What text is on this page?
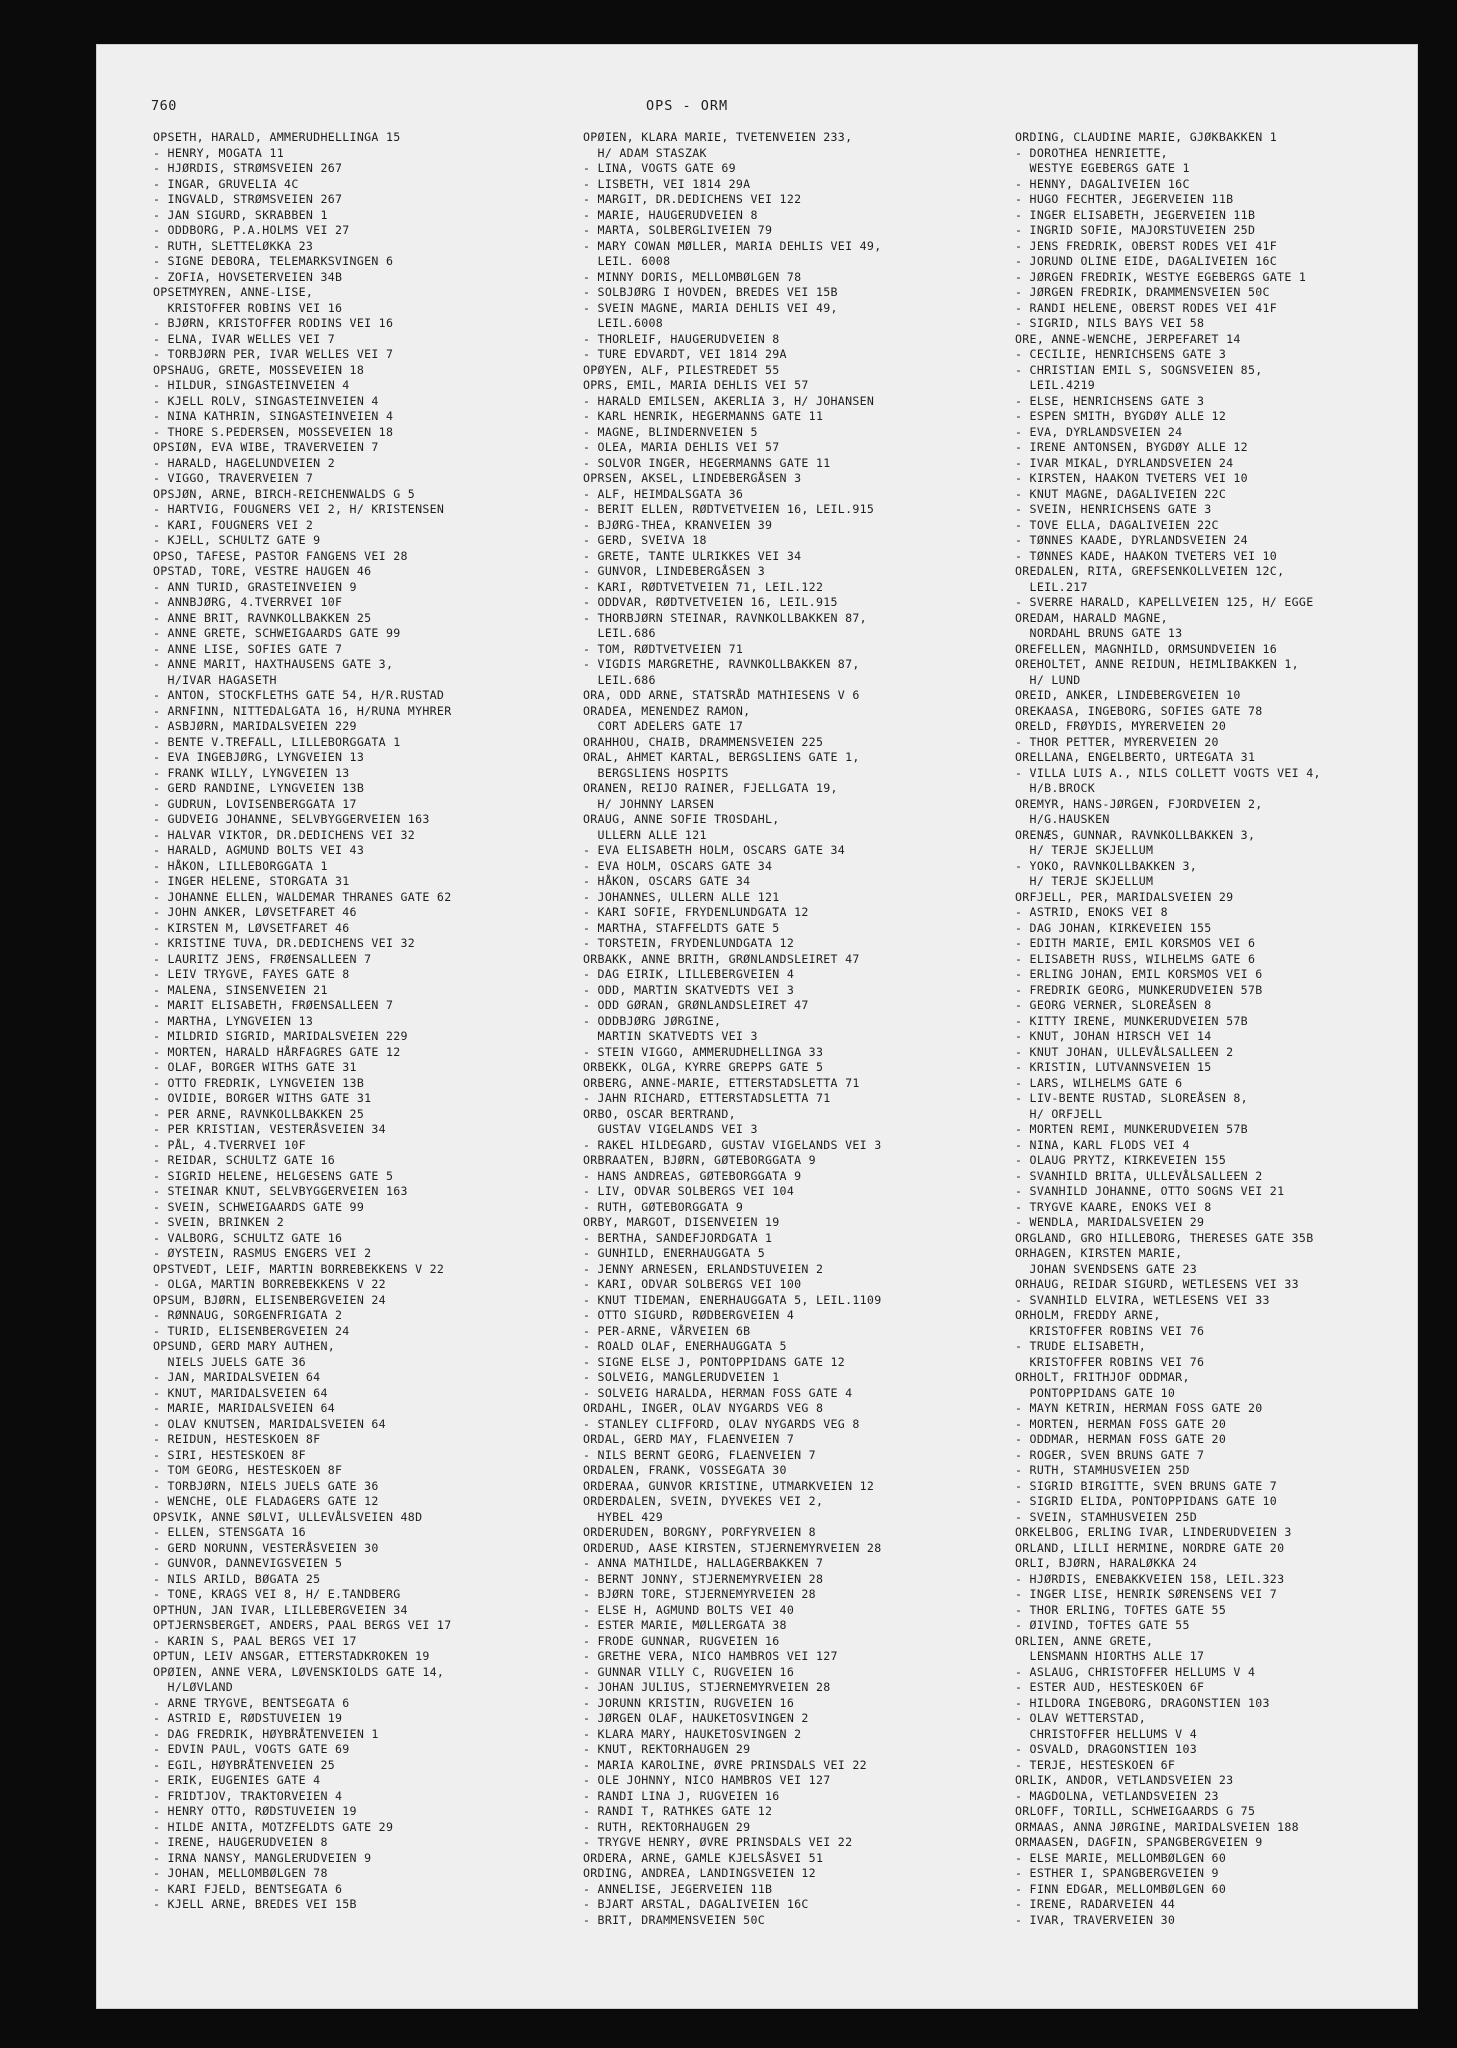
760	OPS - ORM
OPSETH, HARALD, AMMERUDHELLINGA 15
- HENRY, MOGATA 11
- HJØRDIS, STRØMSVEIEN 267
- INGAR, GRUVELIA 4C
- INGVALD, STRØMSVEIEN 267
- JAN SIGURD, SKRABBEN 1
- ODDBORG, P.A.HOLMS VEI 27
- RUTH, SLETTELØKKA 23
- SIGNE DEBORA, TELEMARKSVINGEN 6
- ZOFIA, HOVSETERVEIEN 34B
OPSETMYREN, ANNE-LISE,
KRISTOFFER ROBINS VEI 16
- BJØRN, KRISTOFFER RODINS VEI 16
- ELNA, IVAR WELLES VEI 7
- TORBJØRN PER, IVAR WELLES VEI 7
OPSHAUG, GRETE, MOSSEVEIEN 18
- HILDUR, SINGASTEINVEIEN 4
- KJELL ROLV, SINGASTEINVEIEN 4
- NINA KATHRIN, SINGASTEINVEIEN 4
- THORE S.PEDERSEN, MOSSEVEIEN 18
OPSIØN, EVA WIBE, TRAVERVEIEN 7
- HARALD, HAGELUNDVEIEN 2
- VIGGO, TRAVERVEIEN 7
OPSJØN, ARNE, BIRCH-REICHENWALDS G 5
- HARTVIG, FOUGNERS VEI 2, H/ KRISTENSEN
- KARI, FOUGNERS VEI 2
- KJELL, SCHULTZ GATE 9
OPSO, TAFESE, PASTOR FANGENS VEI 28
OPSTAD, TORE, VESTRE HAUGEN 46
- ANN TURID, GRASTEINVEIEN 9
- ANNBJØRG, 4.TVERRVEI 10F
- ANNE BRIT, RAVNKOLLBAKKEN 25
- ANNE GRETE, SCHWEIGAARDS GATE 99
- ANNE LISE, SOFIES GATE 7
- ANNE MARIT, HAXTHAUSENS GATE 3,
H/IVAR HAGASETH
- ANTON, STOCKFLETHS GATE 54, H/R.RUSTAD
- ARNFINN, NITTEDALGATA 16, H/RUNA MYHRER
- ASBJØRN, MARIDALSVEIEN 229
- BENTE V.TREFALL, LILLEBORGGATA 1
- EVA INGEBJØRG, LYNGVEIEN 13
- FRANK WILLY, LYNGVEIEN 13
- GERD RANDINE, LYNGVEIEN 13B
- GUDRUN, LOVISENBERGGATA 17
- GUDVEIG JOHANNE, SELVBYGGERVEIEN 163
- HALVAR VIKTOR, DR.DEDICHENS VEI 32
- HARALD, AGMUND BOLTS VEI 43
- HÅKON, LILLEBORGGATA 1
- INGER HELENE, STORGATA 31
- JOHANNE ELLEN, WALDEMAR THRANES GATE 62
- JOHN ANKER, LØVSETFARET 46
- KIRSTEN M, LØVSETFARET 46
- KRISTINE TUVA, DR.DEDICHENS VEI 32
- LAURITZ JENS, FRØENSALLEEN 7
- LEIV TRYGVE, FAYES GATE 8
- MALENA, SINSENVEIEN 21
- MARIT ELISABETH, FRØENSALLEEN 7
- MARTHA, LYNGVEIEN 13
- MILDRID SIGRID, MARIDALSVEIEN 229
- MORTEN, HARALD HÅRFAGRES GATE 12
- OLAF, BORGER WITHS GATE 31
- OTTO FREDRIK, LYNGVEIEN 13B
- OVIDIE, BORGER WITHS GATE 31
- PER ARNE, RAVNKOLLBAKKEN 25
- PER KRISTIAN, VESTERÅSVEIEN 34
- PÅL, 4.TVERRVEI 10F
- REIDAR, SCHULTZ GATE 16
- SIGRID HELENE, HELGESENS GATE 5
- STEINAR KNUT, SELVBYGGERVEIEN 163
- SVEIN, SCHWEIGAARDS GATE 99
- SVEIN, BRINKEN 2
- VALBORG, SCHULTZ GATE 16
- ØYSTEIN, RASMUS ENGERS VEI 2
OPSTVEDT, LEIF, MARTIN BORREBEKKENS V 22
- OLGA, MARTIN BORREBEKKENS V 22
OPSUM, BJØRN, ELISENBERGVEIEN 24
- RØNNAUG, SORGENFRIGATA 2
- TURID, ELISENBERGVEIEN 24
OPSUND, GERD MARY AUTHEN,
NIELS JUELS GATE 36
- JAN, MARIDALSVEIEN 64
- KNUT, MARIDALSVEIEN 64
- MARIE, MARIDALSVEIEN 64
- OLAV KNUTSEN, MARIDALSVEIEN 64
- REIDUN, HESTESKOEN 8F
- SIRI, HESTESKOEN 8F
- TOM GEORG, HESTESKOEN 8F
- TORBJØRN, NIELS JUELS GATE 36
- WENCHE, OLE FLADAGERS GATE 12
OPSVIK, ANNE SØLVI, ULLEVÅLSVEIEN 48D
- ELLEN, STENSGATA 16
- GERD NORUNN, VESTERÅSVEIEN 30
- GUNVOR, DANNEVIGSVEIEN 5
- NILS ARILD, BØGATA 25
- TONE, KRAGS VEI 8, H/ E.TANDBERG
OPTHUN, JAN IVAR, LILLEBERGVEIEN 34
OPTJERNSBERGET, ANDERS, PAAL BERGS VEI 17
- KARIN S, PAAL BERGS VEI 17
OPTUN, LEIV ANSGAR, ETTERSTADKROKEN 19
OPØIEN, ANNE VERA, LØVENSKIOLDS GATE 14,
H/LØVLAND
- ARNE TRYGVE, BENTSEGATA 6
- ASTRID E, RØDSTUVEIEN 19
- DAG FREDRIK, HØYBRÅTENVEIEN 1
- EDVIN PAUL, VOGTS GATE 69
- EGIL, HØYBRÅTENVEIEN 25
- ERIK, EUGENIES GATE 4
- FRIDTJOV, TRAKTORVEIEN 4
- HENRY OTTO, RØDSTUVEIEN 19
- HILDE ANITA, MOTZFELDTS GATE 29
- IRENE, HAUGERUDVEIEN 8
- IRNA NANSY, MANGLERUDVEIEN 9
- JOHAN, MELLOMBØLGEN 78
- KARI FJELD, BENTSEGATA 6
- KJELL ARNE, BREDES VEI 15B
OPØIEN, KLARA MARIE, TVETENVEIEN 233,
H/ ADAM STASZAK
- LINA, VOGTS GATE 69
- LISBETH, VEI 1814 29A
- MARGIT, DR.DEDICHENS VEI 122
- MARIE, HAUGERUDVEIEN 8
- MARTA, SOLBERGLIVEIEN 79
- MARY COWAN MØLLER, MARIA DEHLIS VEI 49,
LEIL. 6008
- MINNY DORIS, MELLOMBØLGEN 78
- SOLBJØRG I HOVDEN, BREDES VEI 15B
- SVEIN MAGNE, MARIA DEHLIS VEI 49,
LEIL.6008
- THORLEIF, HAUGERUDVEIEN 8
- TURE EDVARDT, VEI 1814 29A
OPØYEN, ALF, PILESTREDET 55
OPRS, EMIL, MARIA DEHLIS VEI 57
- HARALD EMILSEN, AKERLIA 3, H/ JOHANSEN
- KARL HENRIK, HEGERMANNS GATE 11
- MAGNE, BLINDERNVEIEN 5
- OLEA, MARIA DEHLIS VEI 57
- SOLVOR INGER, HEGERMANNS GATE 11
OPRSEN, AKSEL, LINDEBERGÅSEN 3
- ALF, HEIMDALSGATA 36
- BERIT ELLEN, RØDTVETVEIEN 16, LEIL.915
- BJØRG-THEA, KRANVEIEN 39
- GERD, SVEIVA 18
- GRETE, TANTE ULRIKKES VEI 34
- GUNVOR, LINDEBERGÅSEN 3
- KARI, RØDTVETVEIEN 71, LEIL.122
- ODDVAR, RØDTVETVEIEN 16, LEIL.915
- THORBJØRN STEINAR, RAVNKOLLBAKKEN 87,
LEIL.686
- TOM, RØDTVETVEIEN 71
- VIGDIS MARGRETHE, RAVNKOLLBAKKEN 87,
LEIL.686
ORA, ODD ARNE, STATSRÅD MATHIESENS V 6
ORADEA, MENENDEZ RAMON,
CORT ADELERS GATE 17
ORAHHOU, CHAIB, DRAMMENSVEIEN 225
ORAL, AHMET KARTAL, BERGSLIENS GATE 1,
BERGSLIENS HOSPITS
ORANEN, REIJO RAINER, FJELLGATA 19,
H/ JOHNNY LARSEN
ORAUG, ANNE SOFIE TROSDAHL,
ULLERN ALLE 121
- EVA ELISABETH HOLM, OSCARS GATE 34
- EVA HOLM, OSCARS GATE 34
- HÅKON, OSCARS GATE 34
- JOHANNES, ULLERN ALLE 121
- KARI SOFIE, FRYDENLUNDGATA 12
- MARTHA, STAFFELDTS GATE 5
- TORSTEIN, FRYDENLUNDGATA 12
ORBAKK, ANNE BRITH, GRØNLANDSLEIRET 47
- DAG EIRIK, LILLEBERGVEIEN 4
- ODD, MARTIN SKATVEDTS VEI 3
- ODD GØRAN, GRØNLANDSLEIRET 47
- ODDBJØRG JØRGINE,
MARTIN SKATVEDTS VEI 3
- STEIN VIGGO, AMMERUDHELLINGA 33
ORBEKK, OLGA, KYRRE GREPPS GATE 5
ORBERG, ANNE-MARIE, ETTERSTADSLETTA 71
- JAHN RICHARD, ETTERSTADSLETTA 71
ORBO, OSCAR BERTRAND,
GUSTAV VIGELANDS VEI 3
- RAKEL HILDEGARD, GUSTAV VIGELANDS VEI 3
ORBRAATEN, BJØRN, GØTEBORGGATA 9
- HANS ANDREAS, GØTEBORGGATA 9
- LIV, ODVAR SOLBERGS VEI 104
- RUTH, GØTEBORGGATA 9
ORBY, MARGOT, DISENVEIEN 19
- BERTHA, SANDEFJORDGATA 1
- GUNHILD, ENERHAUGGATA 5
- JENNY ARNESEN, ERLANDSTUVEIEN 2
- KARI, ODVAR SOLBERGS VEI 100
- KNUT TIDEMAN, ENERHAUGGATA 5, LEIL.1109
- OTTO SIGURD, RØDBERGVEIEN 4
- PER-ARNE, VÅRVEIEN 6B
- ROALD OLAF, ENERHAUGGATA 5
- SIGNE ELSE J, PONTOPPIDANS GATE 12
- SOLVEIG, MANGLERUDVEIEN 1
- SOLVEIG HARALDA, HERMAN FOSS GATE 4
ORDAHL, INGER, OLAV NYGARDS VEG 8
- STANLEY CLIFFORD, OLAV NYGARDS VEG 8
ORDAL, GERD MAY, FLAENVEIEN 7
- NILS BERNT GEORG, FLAENVEIEN 7
ORDALEN, FRANK, VOSSEGATA 30
ORDERAA, GUNVOR KRISTINE, UTMARKVEIEN 12
ORDERDALEN, SVEIN, DYVEKES VEI 2,
HYBEL 429
ORDERUDEN, BORGNY, PORFYRVEIEN 8
ORDERUD, AASE KIRSTEN, STJERNEMYRVEIEN 28
- ANNA MATHILDE, HALLAGERBAKKEN 7
- BERNT JONNY, STJERNEMYRVEIEN 28
- BJØRN TORE, STJERNEMYRVEIEN 28
- ELSE H, AGMUND BOLTS VEI 40
- ESTER MARIE, MØLLERGATA 38
- FRODE GUNNAR, RUGVEIEN 16
- GRETHE VERA, NICO HAMBROS VEI 127
- GUNNAR VILLY C, RUGVEIEN 16
- JOHAN JULIUS, STJERNEMYRVEIEN 28
- JORUNN KRISTIN, RUGVEIEN 16
- JØRGEN OLAF, HAUKETOSVINGEN 2
- KLARA MARY, HAUKETOSVINGEN 2
- KNUT, REKTORHAUGEN 29
- MARIA KAROLINE, ØVRE PRINSDALS VEI 22
- OLE JOHNNY, NICO HAMBROS VEI 127
- RANDI LINA J, RUGVEIEN 16
- RANDI T, RATHKES GATE 12
- RUTH, REKTORHAUGEN 29
- TRYGVE HENRY, ØVRE PRINSDALS VEI 22
ORDERA, ARNE, GAMLE KJELSÅSVEI 51
ORDING, ANDREA, LANDINGSVEIEN 12
- ANNELISE, JEGERVEIEN 11B
- BJART ARSTAL, DAGALIVEIEN 16C
- BRIT, DRAMMENSVEIEN 50C
ORDING, CLAUDINE MARIE, GJØKBAKKEN 1
- DOROTHEA HENRIETTE,
WESTYE EGEBERGS GATE 1
- HENNY, DAGALIVEIEN 16C
- HUGO FECHTER, JEGERVEIEN 11B
- INGER ELISABETH, JEGERVEIEN 11B
- INGRID SOFIE, MAJORSTUVEIEN 25D
- JENS FREDRIK, OBERST RODES VEI 41F
- JORUND OLINE EIDE, DAGALIVEIEN 16C
- JØRGEN FREDRIK, WESTYE EGEBERGS GATE 1
- JØRGEN FREDRIK, DRAMMENSVEIEN 50C
- RANDI HELENE, OBERST RODES VEI 41F
- SIGRID, NILS BAYS VEI 58
ORE, ANNE-WENCHE, JERPEFARET 14
- CECILIE, HENRICHSENS GATE 3
- CHRISTIAN EMIL S, SOGNSVEIEN 85,
LEIL.4219
- ELSE, HENRICHSENS GATE 3
- ESPEN SMITH, BYGDØY ALLE 12
- EVA, DYRLANDSVEIEN 24
- IRENE ANTONSEN, BYGDØY ALLE 12
- IVAR MIKAL, DYRLANDSVEIEN 24
- KIRSTEN, HAAKON TVETERS VEI 10
- KNUT MAGNE, DAGALIVEIEN 22C
- SVEIN, HENRICHSENS GATE 3
- TOVE ELLA, DAGALIVEIEN 22C
- TØNNES KAADE, DYRLANDSVEIEN 24
- TØNNES KADE, HAAKON TVETERS VEI 10
OREDALEN, RITA, GREFSENKOLLVEIEN 12C,
LEIL.217
- SVERRE HARALD, KAPELLVEIEN 125, H/ EGGE
OREDAM, HARALD MAGNE,
NORDAHL BRUNS GATE 13
OREFELLEN, MAGNHILD, ORMSUNDVEIEN 16
OREHOLTET, ANNE REIDUN, HEIMLIBAKKEN 1,
H/ LUND
OREID, ANKER, LINDEBERGVEIEN 10
OREKAASA, INGEBORG, SOFIES GATE 78
ORELD, FRØYDIS, MYRERVEIEN 20
- THOR PETTER, MYRERVEIEN 20
ORELLANA, ENGELBERTO, URTEGATA 31
- VILLA LUIS A., NILS COLLETT VOGTS VEI 4,
H/B.BROCK
OREMYR, HANS-JØRGEN, FJORDVEIEN 2,
H/G.HAUSKEN
ORENÆS, GUNNAR, RAVNKOLLBAKKEN 3,
H/ TERJE SKJELLUM
- YOKO, RAVNKOLLBAKKEN 3,
H/ TERJE SKJELLUM
ORFJELL, PER, MARIDALSVEIEN 29
- ASTRID, ENOKS VEI 8
- DAG JOHAN, KIRKEVEIEN 155
- EDITH MARIE, EMIL KORSMOS VEI 6
- ELISABETH RUSS, WILHELMS GATE 6
- ERLING JOHAN, EMIL KORSMOS VEI 6
- FREDRIK GEORG, MUNKERUDVEIEN 57B
- GEORG VERNER, SLOREÅSEN 8
- KITTY IRENE, MUNKERUDVEIEN 57B
- KNUT, JOHAN HIRSCH VEI 14
- KNUT JOHAN, ULLEVÅLSALLEEN 2
- KRISTIN, LUTVANNSVEIEN 15
- LARS, WILHELMS GATE 6
- LIV-BENTE RUSTAD, SLOREÅSEN 8,
H/ ORFJELL
- MORTEN REMI, MUNKERUDVEIEN 57B
- NINA, KARL FLODS VEI 4
- OLAUG PRYTZ, KIRKEVEIEN 155
- SVANHILD BRITA, ULLEVÅLSALLEEN 2
- SVANHILD JOHANNE, OTTO SOGNS VEI 21
- TRYGVE KAARE, ENOKS VEI 8
- WENDLA, MARIDALSVEIEN 29
ORGLAND, GRO HILLEBORG, THERESES GATE 35B
ORHAGEN, KIRSTEN MARIE,
JOHAN SVENDSENS GATE 23
ORHAUG, REIDAR SIGURD, WETLESENS VEI 33
- SVANHILD ELVIRA, WETLESENS VEI 33
ORHOLM, FREDDY ARNE,
KRISTOFFER ROBINS VEI 76
- TRUDE ELISABETH,
KRISTOFFER ROBINS VEI 76
ORHOLT, FRITHJOF ODDMAR,
PONTOPPIDANS GATE 10
- MAYN KETRIN, HERMAN FOSS GATE 20
- MORTEN, HERMAN FOSS GATE 20
- ODDMAR, HERMAN FOSS GATE 20
- ROGER, SVEN BRUNS GATE 7
- RUTH, STAMHUSVEIEN 25D
- SIGRID BIRGITTE, SVEN BRUNS GATE 7
- SIGRID ELIDA, PONTOPPIDANS GATE 10
- SVEIN, STAMHUSVEIEN 25D
ORKELBOG, ERLING IVAR, LINDERUDVEIEN 3
ORLAND, LILLI HERMINE, NORDRE GATE 20
ORLI, BJØRN, HARALØKKA 24
- HJØRDIS, ENEBAKKVEIEN 158, LEIL.323
- INGER LISE, HENRIK SØRENSENS VEI 7
- THOR ERLING, TOFTES GATE 55
- ØIVIND, TOFTES GATE 55
ORLIEN, ANNE GRETE,
LENSMANN HIORTHS ALLE 17
- ASLAUG, CHRISTOFFER HELLUMS V 4
- ESTER AUD, HESTESKOEN 6F
- HILDORA INGEBORG, DRAGONSTIEN 103
- OLAV WETTERSTAD,
CHRISTOFFER HELLUMS V 4
- OSVALD, DRAGONSTIEN 103
- TERJE, HESTESKOEN 6F
ORLIK, ANDOR, VETLANDSVEIEN 23
- MAGDOLNA, VETLANDSVEIEN 23
ORLOFF, TORILL, SCHWEIGAARDS G 75
ORMAAS, ANNA JØRGINE, MARIDALSVEIEN 188
ORMAASEN, DAGFIN, SPANGBERGVEIEN 9
- ELSE MARIE, MELLOMBØLGEN 60
- ESTHER I, SPANGBERGVEIEN 9
- FINN EDGAR, MELLOMBØLGEN 60
- IRENE, RADARVEIEN 44
- IVAR, TRAVERVEIEN 30
